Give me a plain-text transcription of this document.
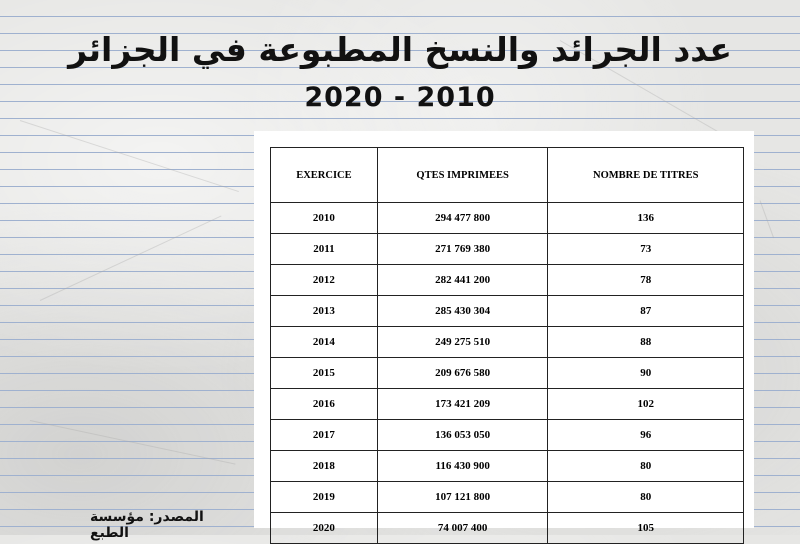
عدد الجرائد والنسخ المطبوعة في الجزائر
2020 - 2010
EXERCICE	QTES IMPRIMEES	NOMBRE DE TITRES
2010	294 477 800	136
2011	271 769 380	73
2012	282 441 200	78
2013	285 430 304	87
2014	249 275 510	88
2015	209 676 580	90
2016	173 421 209	102
2017	136 053 050	96
2018	116 430 900	80
2019	107 121 800	80
2020	74 007 400	105
المصدر: مؤسسة الطبع
